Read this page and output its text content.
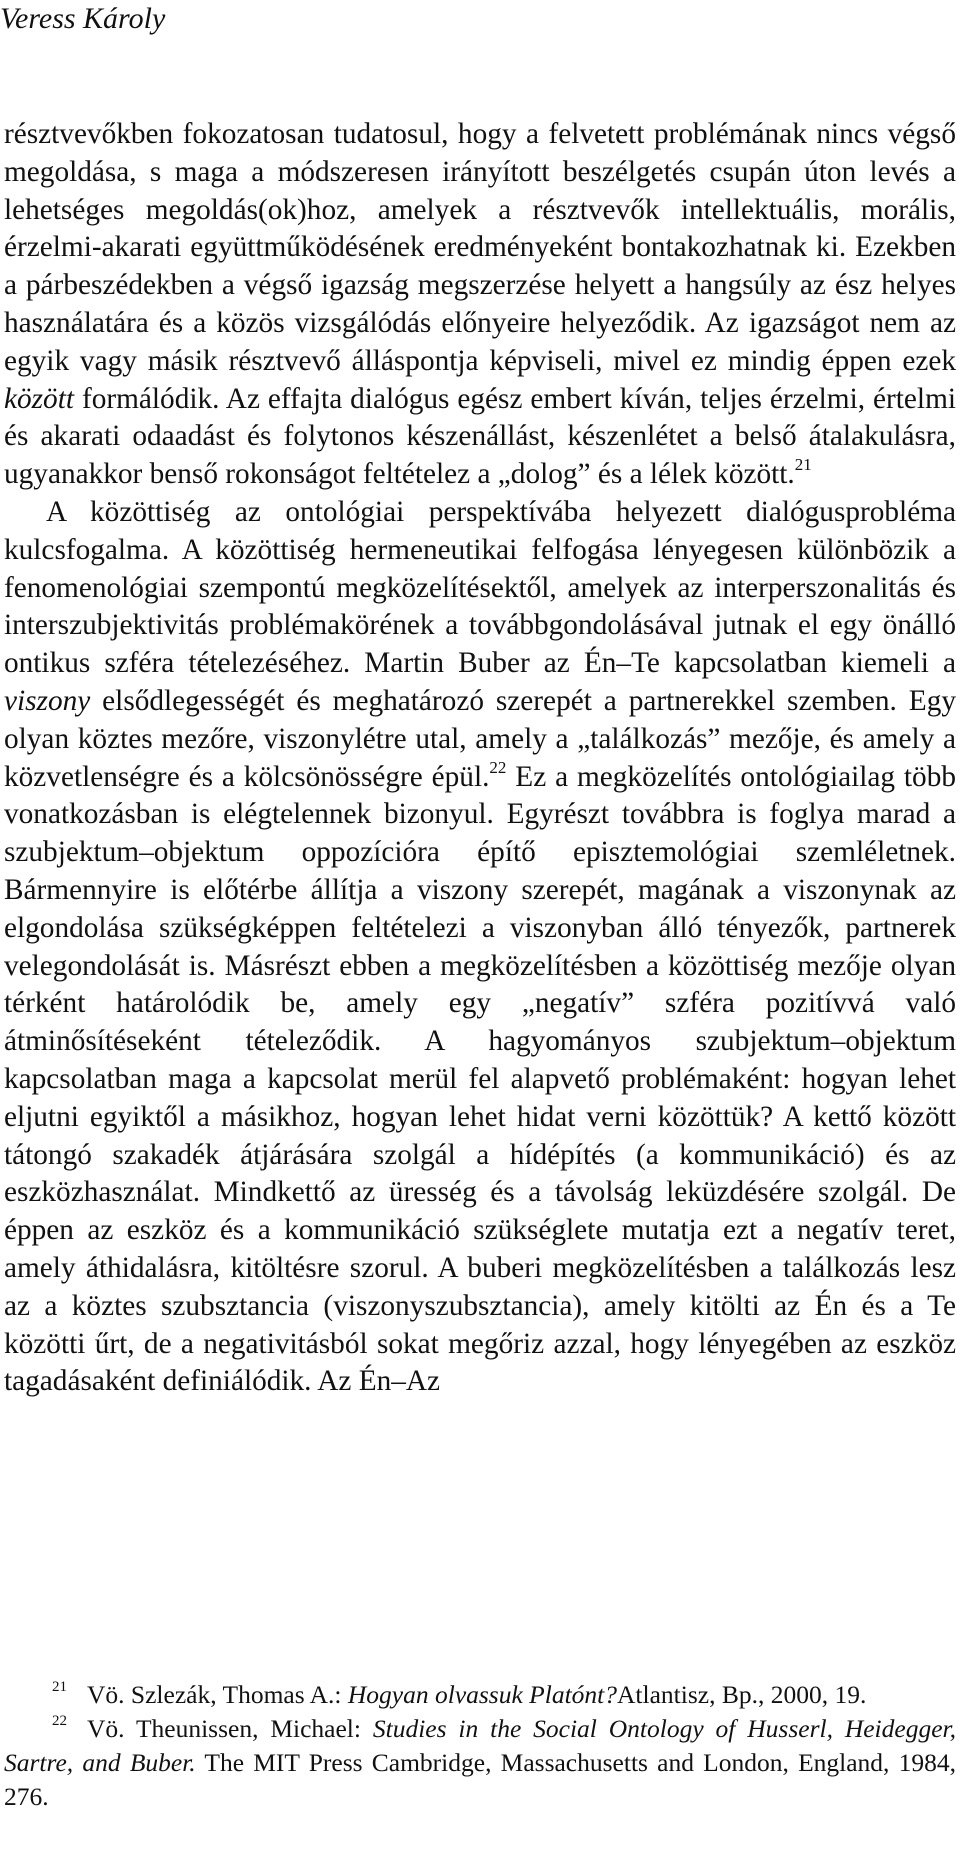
Veress Károly

résztvevőkben fokozatosan tudatosul, hogy a felvetett problémának nincs végső megoldása, s maga a módszeresen irányított beszélgetés csupán úton levés a lehetséges megoldás(ok)hoz, amelyek a résztvevők intellektuális, morális, érzelmi-akarati együttműködésének eredményeként bontakozhatnak ki. Ezekben a párbeszédekben a végső igazság megszerzése helyett a hangsúly az ész helyes használatára és a közös vizsgálódás előnyeire helyeződik. Az igazságot nem az egyik vagy másik résztvevő álláspontja képviseli, mivel ez mindig éppen ezek között formálódik. Az effajta dialógus egész embert kíván, teljes érzelmi, értelmi és akarati odaadást és folytonos készenállást, készenlétet a belső átalakulásra, ugyanakkor benső rokonságot feltételez a „dolog” és a lélek között.$^{21}$

A közöttiség az ontológiai perspektívába helyezett dialógusprobléma kulcsfogalma. A közöttiség hermeneutikai felfogása lényegesen különbözik a fenomenológiai szempontú megközelítésektől, amelyek az interperszonalitás és interszubjektivitás problémakörének a továbbgondolásával jutnak el egy önálló ontikus szféra tételezéséhez. Martin Buber az Én–Te kapcsolatban kiemeli a viszony elsődlegességét és meghatározó szerepét a partnerekkel szemben. Egy olyan köztes mezőre, viszonylétre utal, amely a „találkozás” mezője, és amely a közvetlenségre és a kölcsönösségre épül.$^{22}$ Ez a megközelítés ontológiailag több vonatkozásban is elégtelennek bizonyul. Egyrészt továbbra is foglya marad a szubjektum–objektum oppozícióra építő episztemológiai szemléletnek. Bármennyire is előtérbe állítja a viszony szerepét, magának a viszonynak az elgondolása szükségképpen feltételezi a viszonyban álló tényezők, partnerek velegondolását is. Másrészt ebben a megközelítésben a közöttiség mezője olyan térként határolódik be, amely egy „negatív” szféra pozitívvá való átminősítéseként tételeződik. A hagyományos szubjektum–objektum kapcsolatban maga a kapcsolat merül fel alapvető problémaként: hogyan lehet eljutni egyiktől a másikhoz, hogyan lehet hidat verni közöttük? A kettő között tátongó szakadék átjárására szolgál a hídépítés (a kommunikáció) és az eszközhasználat. Mindkettő az üresség és a távolság leküzdésére szolgál. De éppen az eszköz és a kommunikáció szükséglete mutatja ezt a negatív teret, amely áthidalásra, kitöltésre szorul. A buberi megközelítésben a találkozás lesz az a köztes szubsztancia (viszonyszubsztancia), amely kitölti az Én és a Te közötti űrt, de a negativitásból sokat megőriz azzal, hogy lényegében az eszköz tagadásaként definiálódik. Az Én–Az

$^{21}$ Vö. Szlezák, Thomas A.: Hogyan olvassuk Platónt?Atlantisz, Bp., 2000, 19.

$^{22}$ Vö. Theunissen, Michael: Studies in the Social Ontology of Husserl, Heidegger, Sartre, and Buber. The MIT Press Cambridge, Massachusetts and London, England, 1984, 276.
